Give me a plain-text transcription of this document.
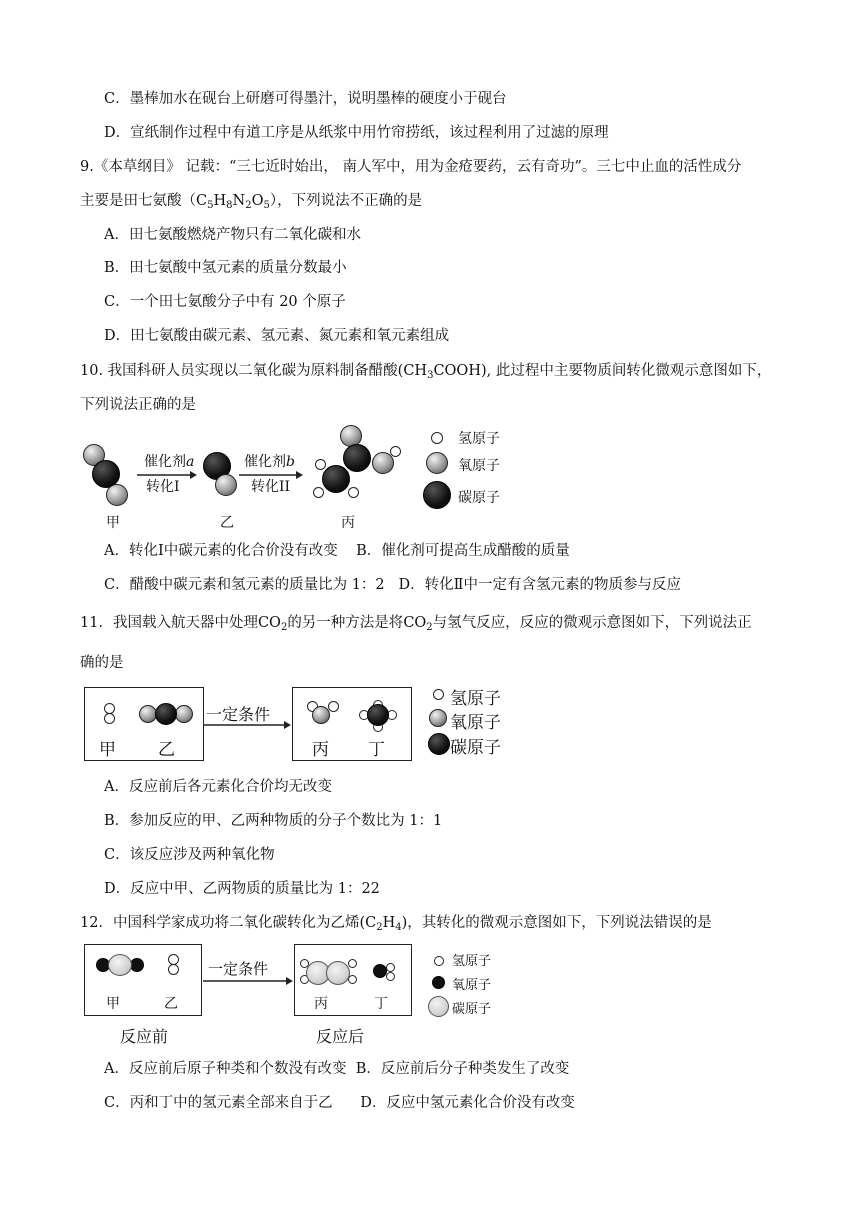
C．墨棒加水在砚台上研磨可得墨汁，说明墨棒的硬度小于砚台
D．宣纸制作过程中有道工序是从纸浆中用竹帘捞纸，该过程利用了过滤的原理
9.《本草纲目》 记载：“三七近时始出， 南人军中，用为金疮要药，云有奇功”。三七中止血的活性成分
主要是田七氨酸$(C_5H_8N_2O_5)$，下列说法不正确的是
A．田七氨酸燃烧产物只有二氧化碳和水
B．田七氨酸中氢元素的质量分数最小
C．一个田七氨酸分子中有 20 个原子
D．田七氨酸由碳元素、氢元素、氮元素和氧元素组成
10. 我国科研人员实现以二氧化碳为原料制备醋酸$(CH_3COOH)$, 此过程中主要物质间转化微观示意图如下，
下列说法正确的是
甲
催化剂a
转化I
乙
催化剂b
转化II
丙
氢原子
氧原子
碳原子
A．转化Ⅰ中碳元素的化合价没有改变 B．催化剂可提高生成醋酸的质量
C．醋酸中碳元素和氢元素的质量比为 1：2 D．转化Ⅱ中一定有含氢元素的物质参与反应
11．我国载入航天器中处理$CO_2$的另一种方法是将$CO_2$与氢气反应，反应的微观示意图如下，下列说法正
确的是
甲 乙
一定条件
丙 丁
氢原子
氧原子
碳原子
A．反应前后各元素化合价均无改变
B．参加反应的甲、乙两种物质的分子个数比为 1：1
C．该反应涉及两种氧化物
D．反应中甲、乙两物质的质量比为 1：22
12．中国科学家成功将二氧化碳转化为乙烯$(C_2H_4)$，其转化的微观示意图如下，下列说法错误的是
甲	乙
反应前
一定条件
丙	丁
反应后
氢原子
氧原子
碳原子
A．反应前后原子种类和个数没有改变 B．反应前后分子种类发生了改变
C．丙和丁中的氢元素全部来自于乙 D．反应中氢元素化合价没有改变
